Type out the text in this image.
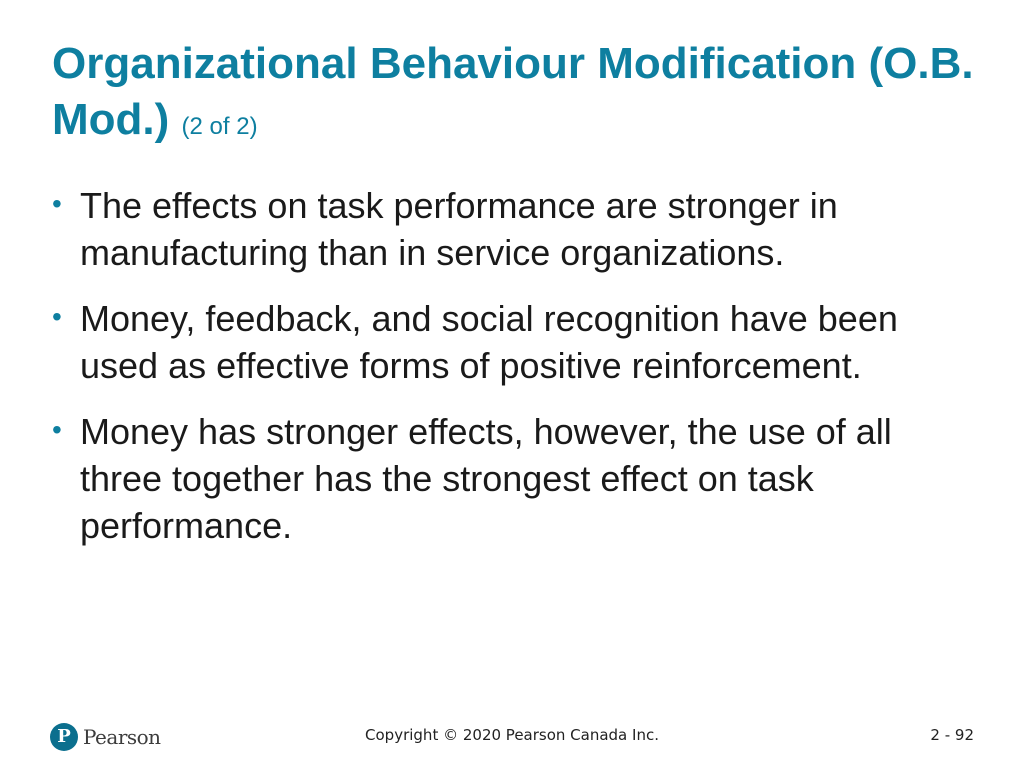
Organizational Behaviour Modification (O.B. Mod.) (2 of 2)
• The effects on task performance are stronger in manufacturing than in service organizations.
• Money, feedback, and social recognition have been used as effective forms of positive reinforcement.
• Money has stronger effects, however, the use of all three together has the strongest effect on task performance.
P Pearson	Copyright © 2020 Pearson Canada Inc.	2 - 92
